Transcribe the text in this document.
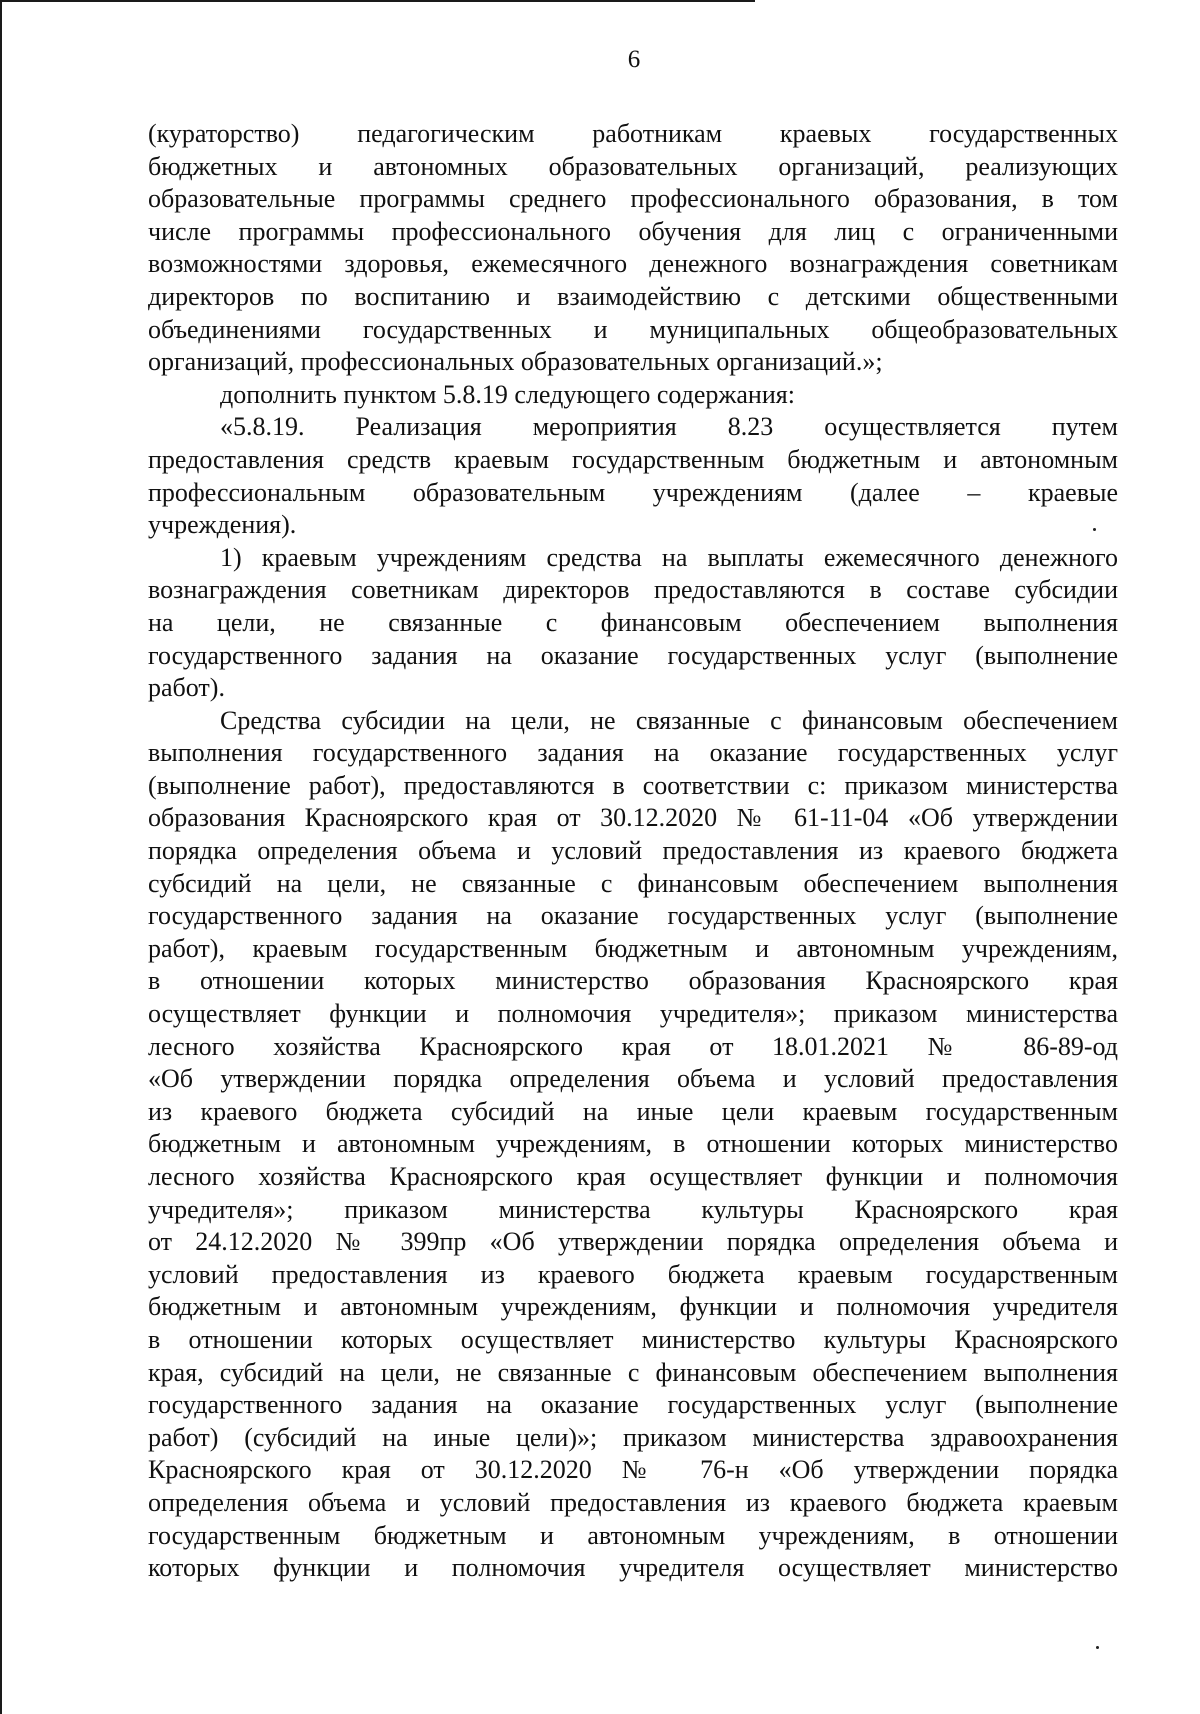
6
(кураторство) педагогическим работникам краевых государственных
бюджетных и автономных образовательных организаций, реализующих
образовательные программы среднего профессионального образования, в том
числе программы профессионального обучения для лиц с ограниченными
возможностями здоровья, ежемесячного денежного вознаграждения советникам
директоров по воспитанию и взаимодействию с детскими общественными
объединениями государственных и муниципальных общеобразовательных
организаций, профессиональных образовательных организаций.»;
дополнить пунктом 5.8.19 следующего содержания:
«5.8.19. Реализация мероприятия 8.23 осуществляется путем
предоставления средств краевым государственным бюджетным и автономным
профессиональным образовательным учреждениям (далее – краевые
учреждения).
1) краевым учреждениям средства на выплаты ежемесячного денежного
вознаграждения советникам директоров предоставляются в составе субсидии
на цели, не связанные с финансовым обеспечением выполнения
государственного задания на оказание государственных услуг (выполнение
работ).
Средства субсидии на цели, не связанные с финансовым обеспечением
выполнения государственного задания на оказание государственных услуг
(выполнение работ), предоставляются в соответствии с: приказом министерства
образования Красноярского края от 30.12.2020 № 61-11-04 «Об утверждении
порядка определения объема и условий предоставления из краевого бюджета
субсидий на цели, не связанные с финансовым обеспечением выполнения
государственного задания на оказание государственных услуг (выполнение
работ), краевым государственным бюджетным и автономным учреждениям,
в отношении которых министерство образования Красноярского края
осуществляет функции и полномочия учредителя»; приказом министерства
лесного хозяйства Красноярского края от 18.01.2021 № 86-89-од
«Об утверждении порядка определения объема и условий предоставления
из краевого бюджета субсидий на иные цели краевым государственным
бюджетным и автономным учреждениям, в отношении которых министерство
лесного хозяйства Красноярского края осуществляет функции и полномочия
учредителя»; приказом министерства культуры Красноярского края
от 24.12.2020 № 399пр «Об утверждении порядка определения объема и
условий предоставления из краевого бюджета краевым государственным
бюджетным и автономным учреждениям, функции и полномочия учредителя
в отношении которых осуществляет министерство культуры Красноярского
края, субсидий на цели, не связанные с финансовым обеспечением выполнения
государственного задания на оказание государственных услуг (выполнение
работ) (субсидий на иные цели)»; приказом министерства здравоохранения
Красноярского края от 30.12.2020 № 76-н «Об утверждении порядка
определения объема и условий предоставления из краевого бюджета краевым
государственным бюджетным и автономным учреждениям, в отношении
которых функции и полномочия учредителя осуществляет министерство
